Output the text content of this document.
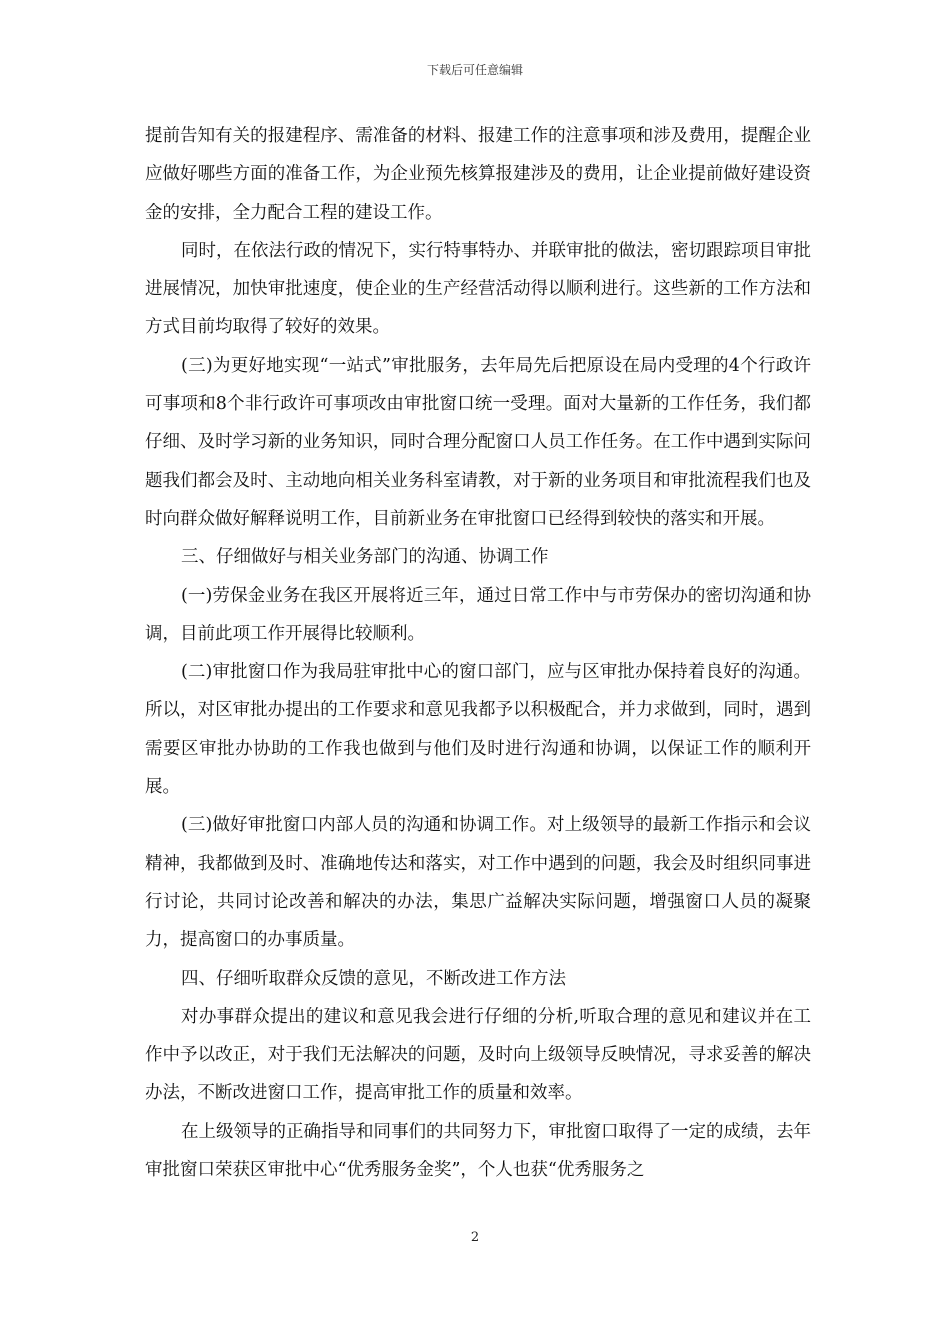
下载后可任意编辑

提前告知有关的报建程序、需准备的材料、报建工作的注意事项和涉及费用，提醒企业应做好哪些方面的准备工作，为企业预先核算报建涉及的费用，让企业提前做好建设资金的安排，全力配合工程的建设工作。

同时，在依法行政的情况下，实行特事特办、并联审批的做法，密切跟踪项目审批进展情况，加快审批速度，使企业的生产经营活动得以顺利进行。这些新的工作方法和方式目前均取得了较好的效果。

(三)为更好地实现“一站式”审批服务，去年局先后把原设在局内受理的4个行政许可事项和8个非行政许可事项改由审批窗口统一受理。面对大量新的工作任务，我们都仔细、及时学习新的业务知识，同时合理分配窗口人员工作任务。在工作中遇到实际问题我们都会及时、主动地向相关业务科室请教，对于新的业务项目和审批流程我们也及时向群众做好解释说明工作，目前新业务在审批窗口已经得到较快的落实和开展。

三、仔细做好与相关业务部门的沟通、协调工作

(一)劳保金业务在我区开展将近三年，通过日常工作中与市劳保办的密切沟通和协调，目前此项工作开展得比较顺利。

(二)审批窗口作为我局驻审批中心的窗口部门，应与区审批办保持着良好的沟通。所以，对区审批办提出的工作要求和意见我都予以积极配合，并力求做到，同时，遇到需要区审批办协助的工作我也做到与他们及时进行沟通和协调，以保证工作的顺利开展。

(三)做好审批窗口内部人员的沟通和协调工作。对上级领导的最新工作指示和会议精神，我都做到及时、准确地传达和落实，对工作中遇到的问题，我会及时组织同事进行讨论，共同讨论改善和解决的办法，集思广益解决实际问题，增强窗口人员的凝聚力，提高窗口的办事质量。

四、仔细听取群众反馈的意见，不断改进工作方法

对办事群众提出的建议和意见我会进行仔细的分析,听取合理的意见和建议并在工作中予以改正，对于我们无法解决的问题，及时向上级领导反映情况，寻求妥善的解决办法，不断改进窗口工作，提高审批工作的质量和效率。

在上级领导的正确指导和同事们的共同努力下，审批窗口取得了一定的成绩，去年审批窗口荣获区审批中心“优秀服务金奖”，个人也获“优秀服务之

2
